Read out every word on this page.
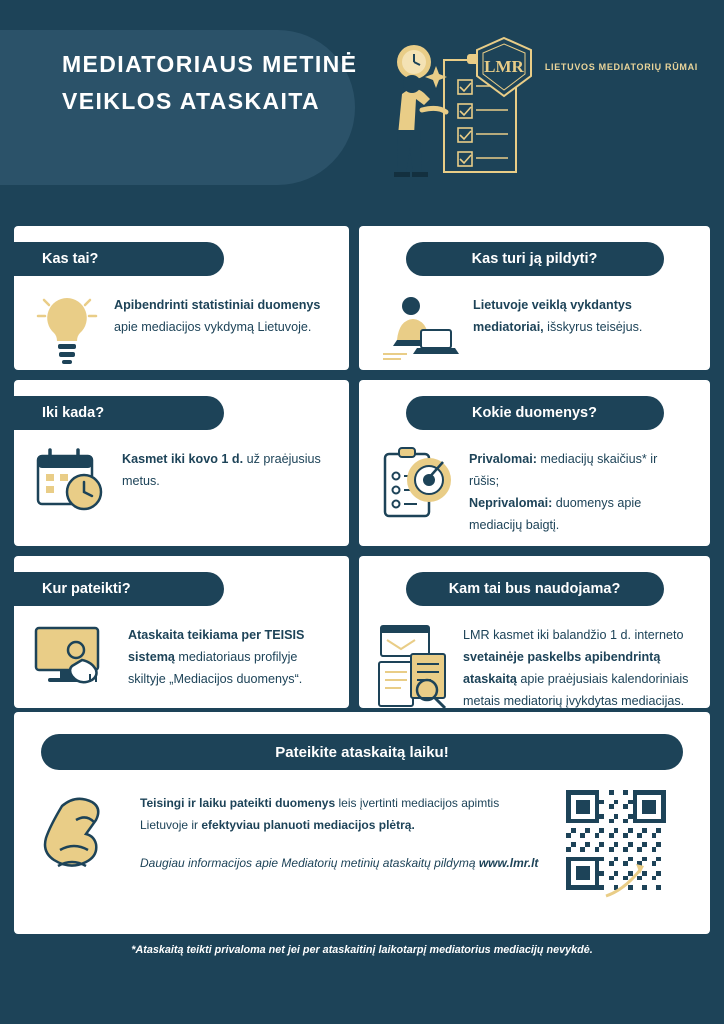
MEDIATORIAUS METINĖ VEIKLOS ATASKAITA
LMR LIETUVOS MEDIATORIŲ RŪMAI
Kas tai?
Apibendrinti statistiniai duomenys apie mediacijos vykdymą Lietuvoje.
Kas turi ją pildyti?
Lietuvoje veiklą vykdantys mediatoriai, išskyrus teisėjus.
Iki kada?
Kasmet iki kovo 1 d. už praėjusius metus.
Kokie duomenys?
Privalomai: mediacijų skaičius* ir rūšis;
Neprivalomai: duomenys apie mediacijų baigtį.
Kur pateikti?
Ataskaita teikiama per TEISIS sistemą mediatoriaus profilyje skiltyje „Mediacijos duomenys“.
Kam tai bus naudojama?
LMR kasmet iki balandžio 1 d. interneto svetainėje paskelbs apibendrintą ataskaitą apie praėjusiais kalendoriniais metais mediatorių įvykdytas mediacijas.
Pateikite ataskaitą laiku!
Teisingi ir laiku pateikti duomenys leis įvertinti mediacijos apimtis Lietuvoje ir efektyviau planuoti mediacijos plėtrą.
Daugiau informacijos apie Mediatorių metinių ataskaitų pildymą www.lmr.lt
*Ataskaitą teikti privaloma net jei per ataskaitinį laikotarpį mediatorius mediacijų nevykdė.
